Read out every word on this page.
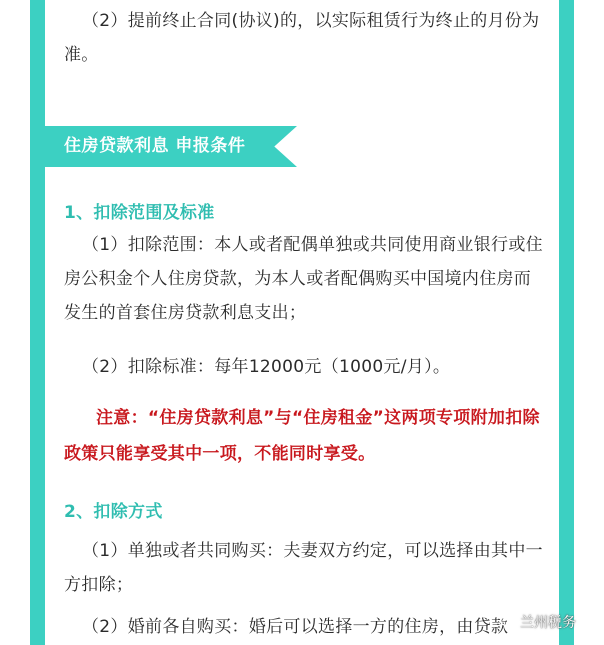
（2）提前终止合同(协议)的，以实际租赁行为终止的月份为准。

住房贷款利息 申报条件
1、扣除范围及标准

（1）扣除范围：本人或者配偶单独或共同使用商业银行或住房公积金个人住房贷款，为本人或者配偶购买中国境内住房而发生的首套住房贷款利息支出；

（2）扣除标准：每年12000元（1000元/月）。

注意：“住房贷款利息”与“住房租金”这两项专项附加扣除政策只能享受其中一项，不能同时享受。

2、扣除方式

（1）单独或者共同购买：夫妻双方约定，可以选择由其中一方扣除；

（2）婚前各自购买：婚后可以选择一方的住房，由贷款 兰州税务
